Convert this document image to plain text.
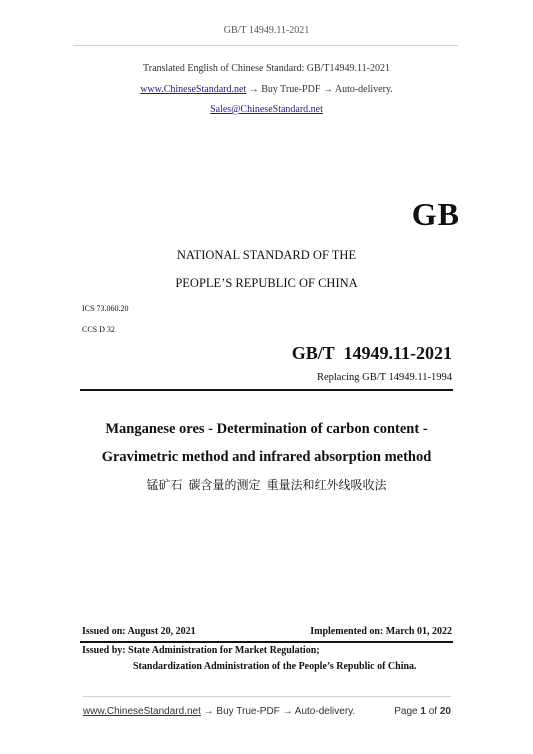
GB/T 14949.11-2021
Translated English of Chinese Standard: GB/T14949.11-2021
www.ChineseStandard.net → Buy True-PDF → Auto-delivery.
Sales@ChineseStandard.net
GB
NATIONAL STANDARD OF THE
PEOPLE’S REPUBLIC OF CHINA
ICS 73.060.20
CCS D 32
GB/T  14949.11-2021
Replacing GB/T 14949.11-1994
Manganese ores - Determination of carbon content -
Gravimetric method and infrared absorption method
锰矿石  碳含量的测定  重量法和红外线吸收法
Issued on: August 20, 2021	Implemented on: March 01, 2022
Issued by: State Administration for Market Regulation;
Standardization Administration of the People’s Republic of China.
www.ChineseStandard.net → Buy True-PDF → Auto-delivery.	Page 1 of 20
